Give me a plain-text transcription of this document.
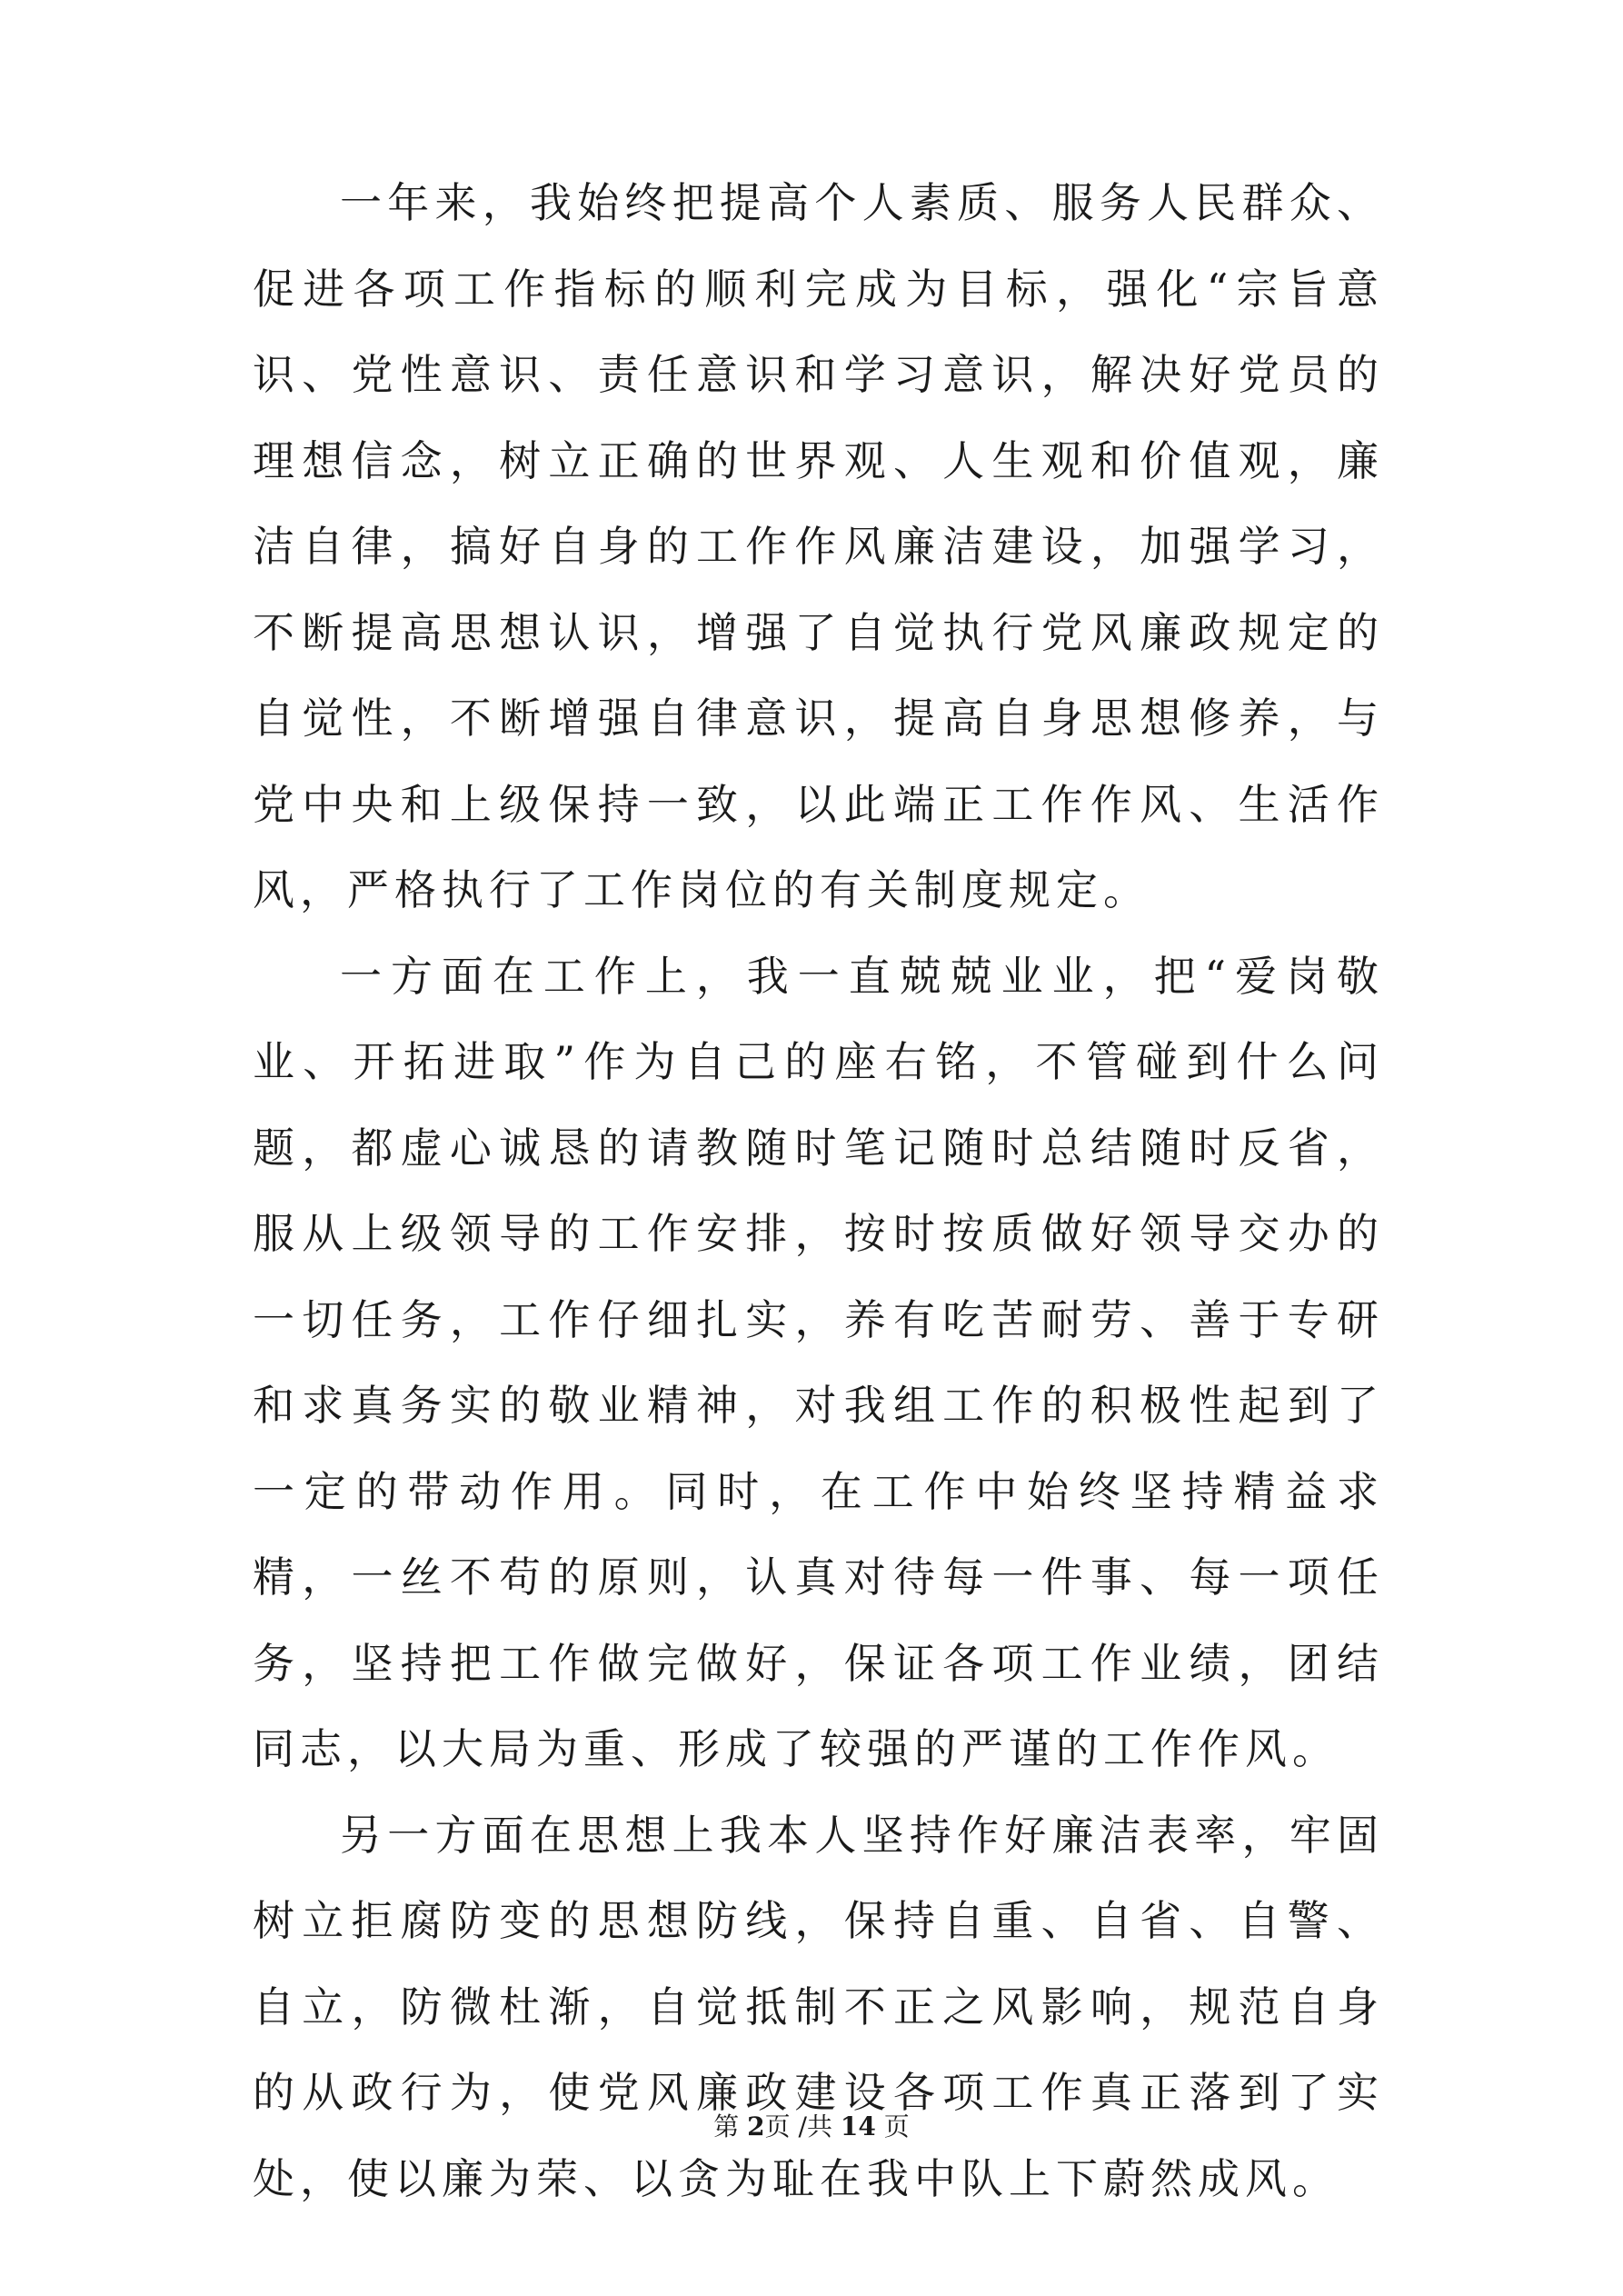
一年来，我始终把提高个人素质、服务人民群众、促进各项工作指标的顺利完成为目标，强化“宗旨意识、党性意识、责任意识和学习意识，解决好党员的理想信念，树立正确的世界观、人生观和价值观，廉洁自律，搞好自身的工作作风廉洁建设，加强学习，不断提高思想认识，增强了自觉执行党风廉政规定的自觉性，不断增强自律意识，提高自身思想修养，与党中央和上级保持一致，以此端正工作作风、生活作风，严格执行了工作岗位的有关制度规定。

一方面在工作上，我一直兢兢业业，把“爱岗敬业、开拓进取”作为自己的座右铭，不管碰到什么问题，都虚心诚恳的请教随时笔记随时总结随时反省，服从上级领导的工作安排，按时按质做好领导交办的一切任务，工作仔细扎实，养有吃苦耐劳、善于专研和求真务实的敬业精神，对我组工作的积极性起到了一定的带动作用。同时，在工作中始终坚持精益求精，一丝不苟的原则，认真对待每一件事、每一项任务，坚持把工作做完做好，保证各项工作业绩，团结同志，以大局为重、形成了较强的严谨的工作作风。

另一方面在思想上我本人坚持作好廉洁表率，牢固树立拒腐防变的思想防线，保持自重、自省、自警、自立，防微杜渐，自觉抵制不正之风影响，规范自身的从政行为，使党风廉政建设各项工作真正落到了实处，使以廉为荣、以贪为耻在我中队上下蔚然成风。

第 2页 /共 14 页
